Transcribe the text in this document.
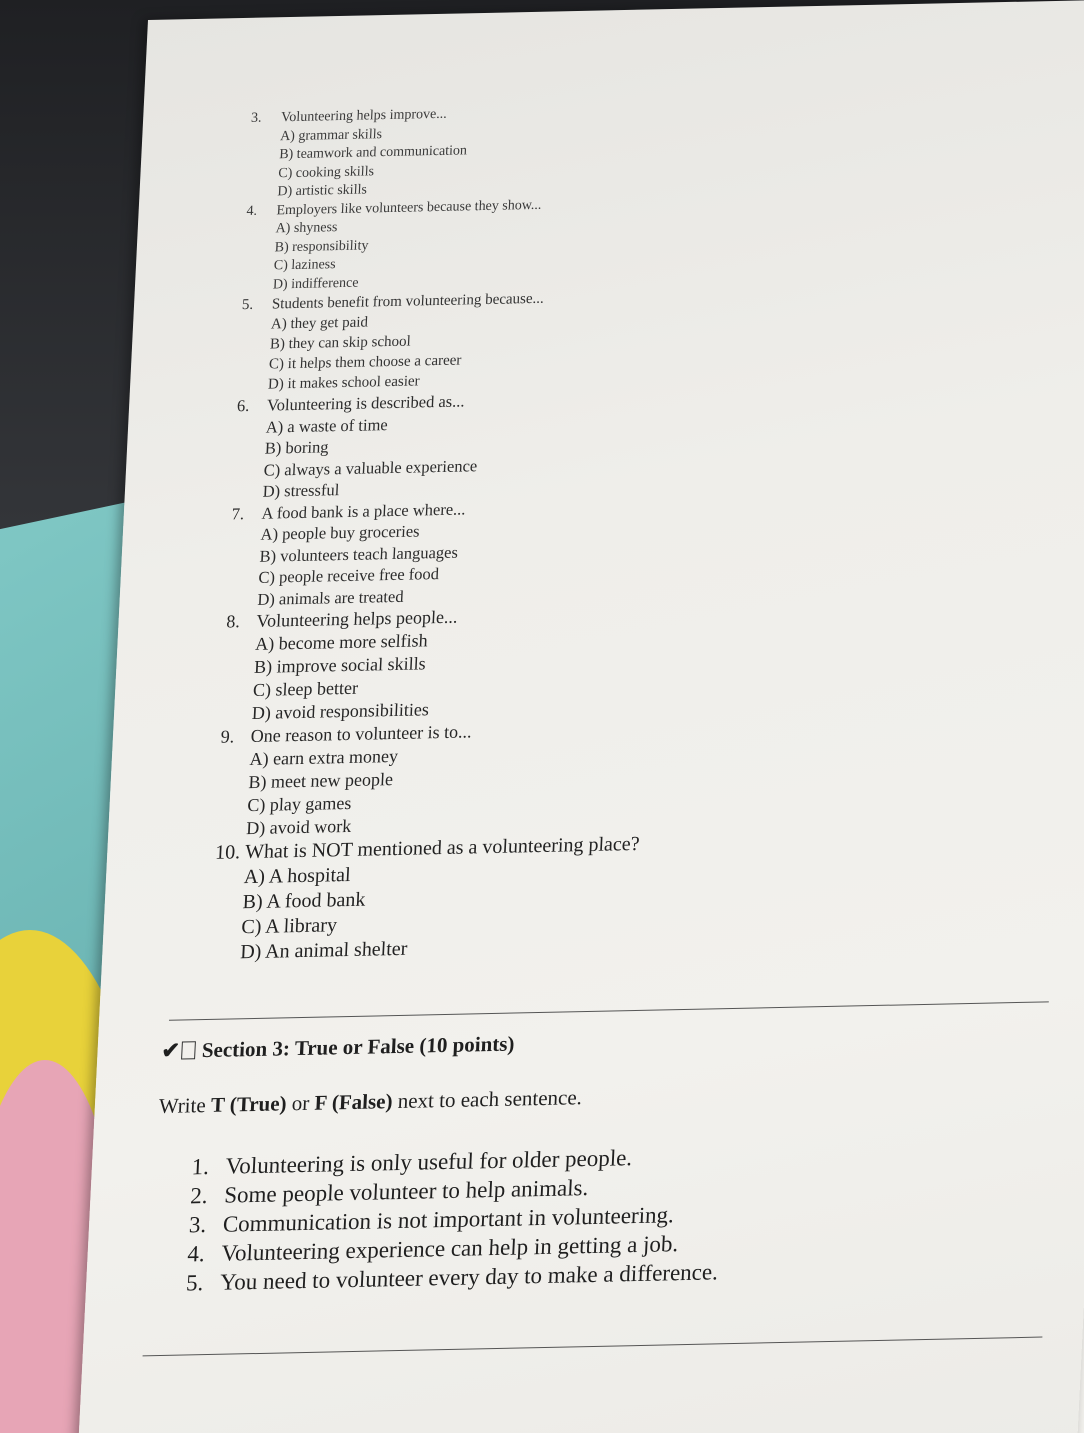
3. Volunteering helps improve...
A) grammar skills
B) teamwork and communication
C) cooking skills
D) artistic skills
4. Employers like volunteers because they show...
A) shyness
B) responsibility
C) laziness
D) indifference
5. Students benefit from volunteering because...
A) they get paid
B) they can skip school
C) it helps them choose a career
D) it makes school easier
6. Volunteering is described as...
A) a waste of time
B) boring
C) always a valuable experience
D) stressful
7. A food bank is a place where...
A) people buy groceries
B) volunteers teach languages
C) people receive free food
D) animals are treated
8. Volunteering helps people...
A) become more selfish
B) improve social skills
C) sleep better
D) avoid responsibilities
9. One reason to volunteer is to...
A) earn extra money
B) meet new people
C) play games
D) avoid work
10. What is NOT mentioned as a volunteering place?
A) A hospital
B) A food bank
C) A library
D) An animal shelter
✔ Section 3: True or False (10 points)
Write T (True) or F (False) next to each sentence.
1. Volunteering is only useful for older people.
2. Some people volunteer to help animals.
3. Communication is not important in volunteering.
4. Volunteering experience can help in getting a job.
5. You need to volunteer every day to make a difference.
